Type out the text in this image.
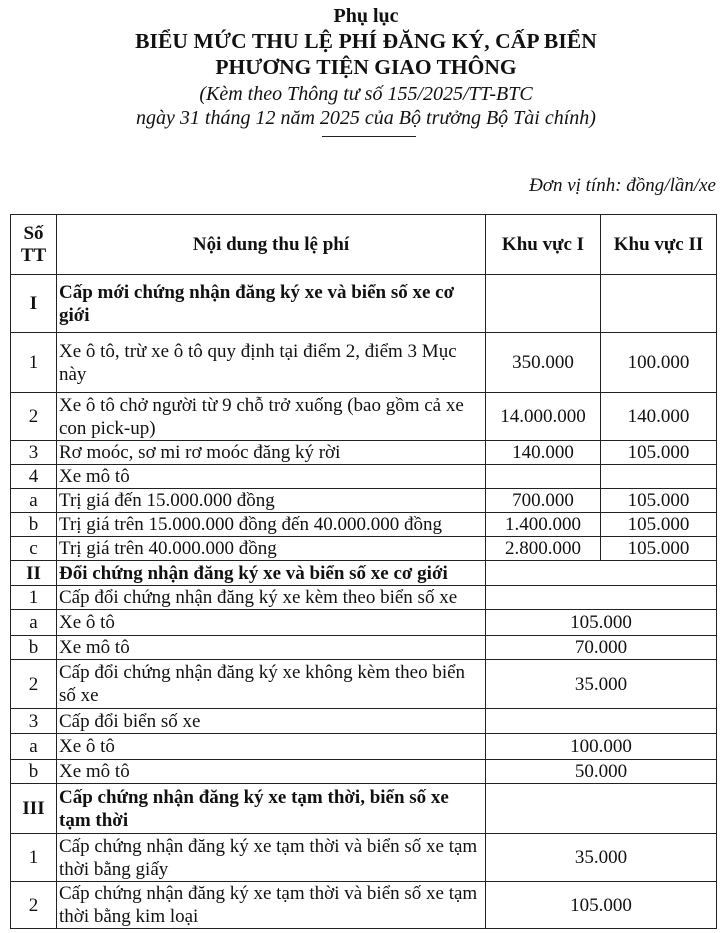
Phụ lục
BIỂU MỨC THU LỆ PHÍ ĐĂNG KÝ, CẤP BIỂN
PHƯƠNG TIỆN GIAO THÔNG
(Kèm theo Thông tư số 155/2025/TT-BTC
ngày 31 tháng 12 năm 2025 của Bộ trưởng Bộ Tài chính)
Đơn vị tính: đồng/lần/xe
Số
TT	Nội dung thu lệ phí	Khu vực I	Khu vực II
I	Cấp mới chứng nhận đăng ký xe và biển số xe cơ giới		
1	Xe ô tô, trừ xe ô tô quy định tại điểm 2, điểm 3 Mục này	350.000	100.000
2	Xe ô tô chở người từ 9 chỗ trở xuống (bao gồm cả xe con pick-up)	14.000.000	140.000
3	Rơ moóc, sơ mi rơ moóc đăng ký rời	140.000	105.000
4	Xe mô tô		
a	Trị giá đến 15.000.000 đồng	700.000	105.000
b	Trị giá trên 15.000.000 đồng đến 40.000.000 đồng	1.400.000	105.000
c	Trị giá trên 40.000.000 đồng	2.800.000	105.000
II	Đổi chứng nhận đăng ký xe và biển số xe cơ giới		
1	Cấp đổi chứng nhận đăng ký xe kèm theo biển số xe		
a	Xe ô tô	105.000	
b	Xe mô tô	70.000	
2	Cấp đổi chứng nhận đăng ký xe không kèm theo biển số xe	35.000	
3	Cấp đổi biển số xe		
a	Xe ô tô	100.000	
b	Xe mô tô	50.000	
III	Cấp chứng nhận đăng ký xe tạm thời, biển số xe tạm thời		
1	Cấp chứng nhận đăng ký xe tạm thời và biển số xe tạm thời bằng giấy	35.000	
2	Cấp chứng nhận đăng ký xe tạm thời và biển số xe tạm thời bằng kim loại	105.000	
